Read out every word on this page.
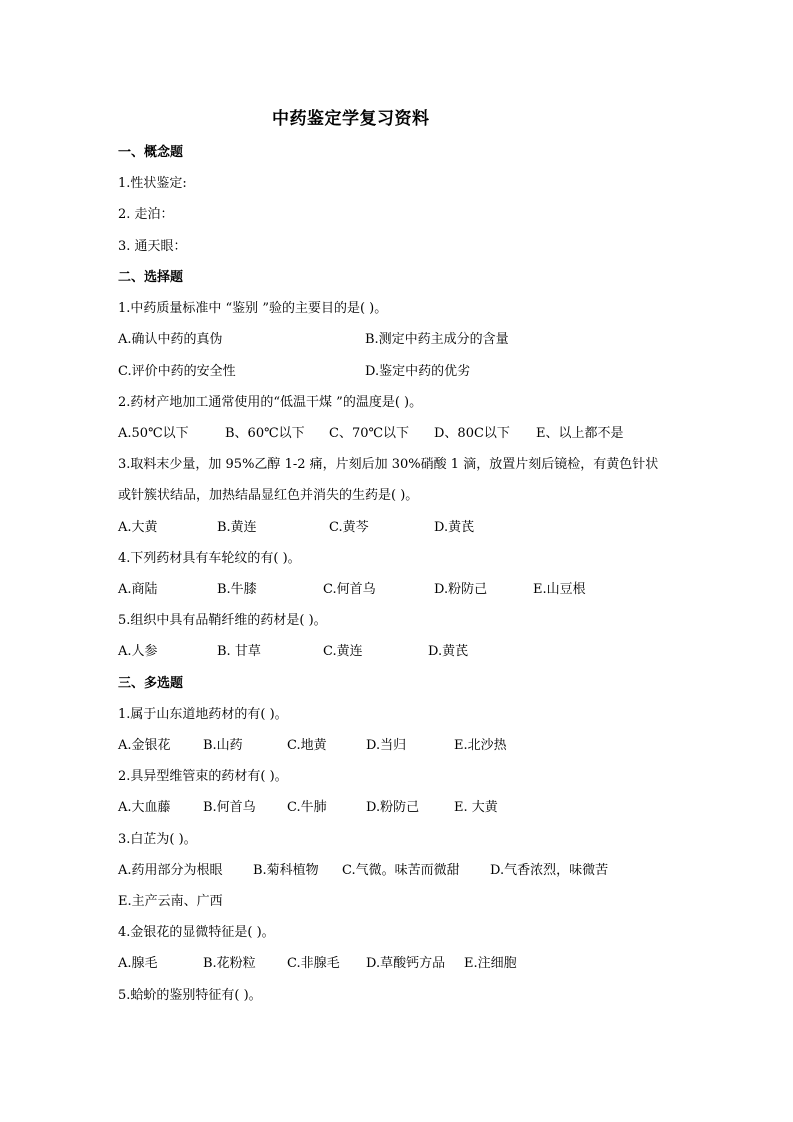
中药鉴定学复习资料
一、概念题
1.性状鉴定:
2. 走泊：
3. 通天眼：
二、选择题
1.中药质量标准中 “鉴别 ”验的主要目的是( )。
A.确认中药的真伪	B.测定中药主成分的含量
C.评价中药的安全性	D.鉴定中药的优劣
2.药材产地加工通常使用的“低温干煤 ”的温度是( )。
A.50℃以下	B、60℃以下 C、70℃以下 D、80C以下 E、以上都不是
3.取料末少量，加 95%乙醇 1-2 痛，片刻后加 30%硝酸 1 滴，放置片刻后镜检，有黄色针状
或针簇状结品，加热结晶显红色并消失的生药是( )。
A.大黄	B.黄连	C.黄芩	D.黄芪
4.下列药材具有车轮纹的有( )。
A.商陆	B.牛膝	C.何首乌	D.粉防己	E.山豆根
5.组织中具有品鞘纤维的药材是( )。
A.人参	B. 甘草	C.黄连	D.黄芪
三、多选题
1.属于山东道地药材的有( )。
A.金银花 B.山药	C.地黄	D.当归	E.北沙热
2.具异型维管束的药材有( )。
A.大血藤 B.何首乌 C.牛肺	D.粉防己	E. 大黄
3.白芷为( )。
A.药用部分为根眼 B.菊科植物 C.气微。味苦而微甜 D.气香浓烈，味微苦
E.主产云南、广西
4.金银花的显微特征是( )。
A.腺毛	B.花粉粒 C.非腺毛 D.草酸钙方品 E.注细胞
5.蛤蚧的鉴别特征有( )。
